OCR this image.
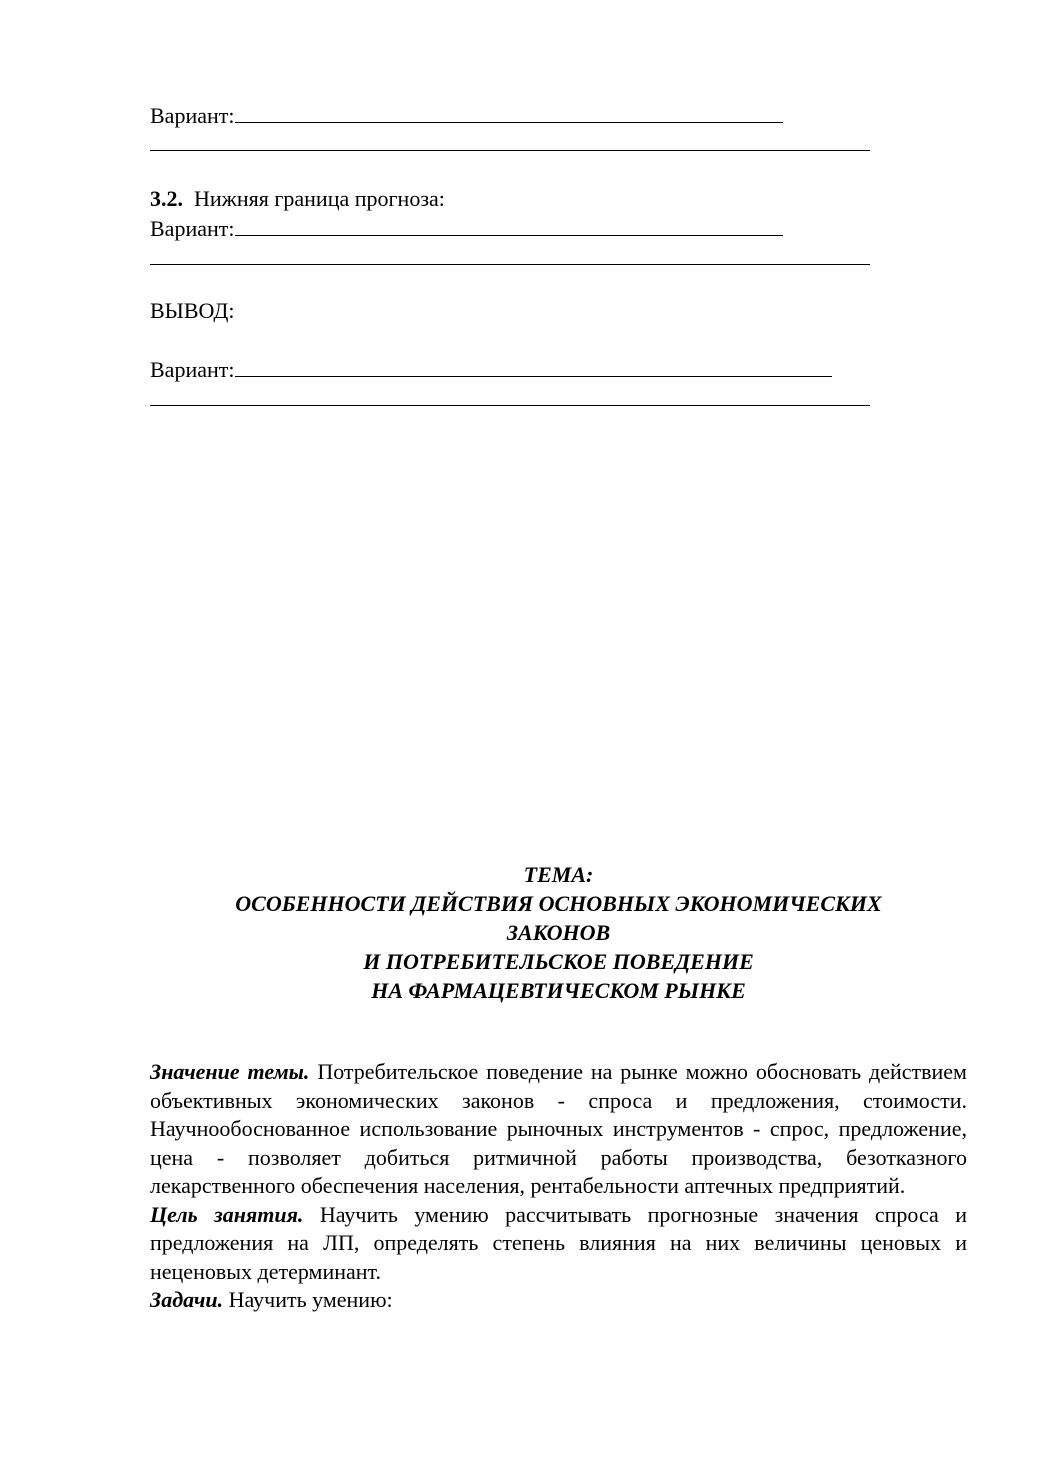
Вариант:
3.2. Нижняя граница прогноза:
Вариант:
ВЫВОД:
Вариант:
ТЕМА:
ОСОБЕННОСТИ ДЕЙСТВИЯ ОСНОВНЫХ ЭКОНОМИЧЕСКИХ
ЗАКОНОВ
И ПОТРЕБИТЕЛЬСКОЕ ПОВЕДЕНИЕ
НА ФАРМАЦЕВТИЧЕСКОМ РЫНКЕ

Значение темы. Потребительское поведение на рынке можно обосновать действием объективных экономических законов - спроса и предложения, стоимости. Научнообоснованное использование рыночных инструментов - спрос, предложение, цена - позволяет добиться ритмичной работы производства, безотказного лекарственного обеспечения населения, рентабельности аптечных предприятий.

Цель занятия. Научить умению рассчитывать прогнозные значения спроса и предложения на ЛП, определять степень влияния на них величины ценовых и неценовых детерминант.

Задачи. Научить умению:
